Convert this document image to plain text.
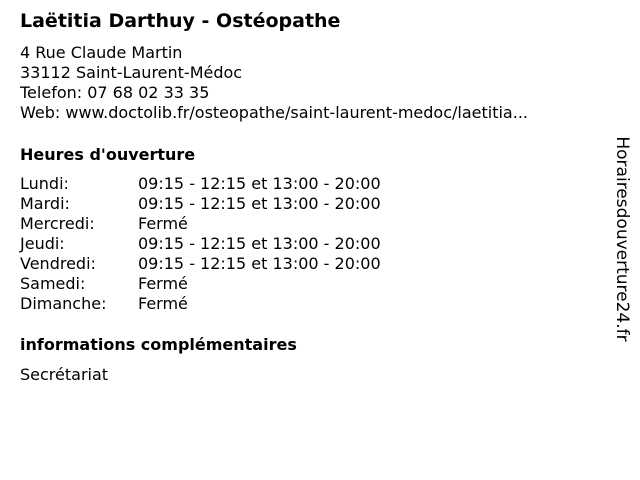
Laëtitia Darthuy - Ostéopathe
4 Rue Claude Martin
33112 Saint-Laurent-Médoc
Telefon: 07 68 02 33 35
Web: www.doctolib.fr/osteopathe/saint-laurent-medoc/laetitia...
Heures d'ouverture
Lundi:	09:15 - 12:15 et 13:00 - 20:00
Mardi:	09:15 - 12:15 et 13:00 - 20:00
Mercredi:	Fermé
Jeudi:	09:15 - 12:15 et 13:00 - 20:00
Vendredi:	09:15 - 12:15 et 13:00 - 20:00
Samedi:	Fermé
Dimanche: Fermé
informations complémentaires
Secrétariat
Horairesdouverture24.fr
